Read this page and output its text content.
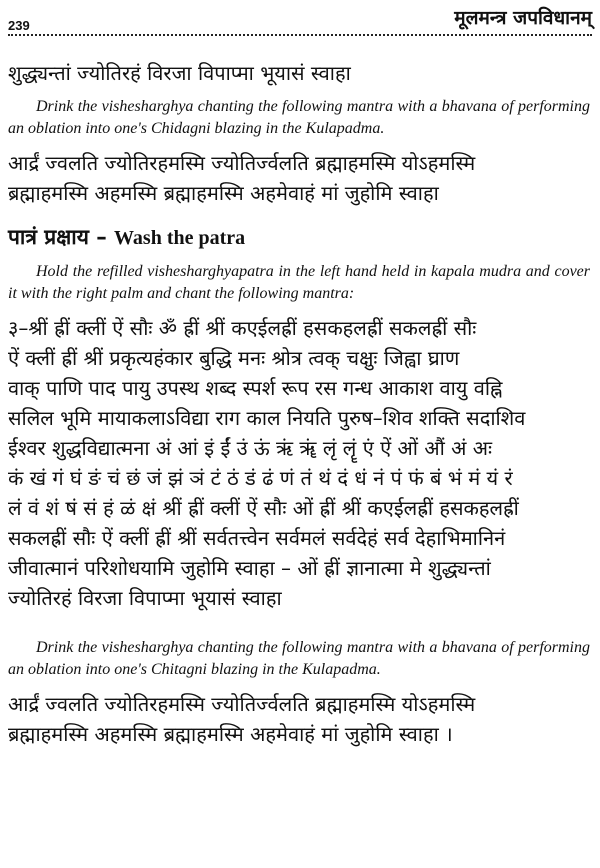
239	मूलमन्त्र जपविधानम्

शुद्ध्यन्तां ज्योतिरहं विरजा विपाप्मा भूयासं स्वाहा

Drink the vishesharghya chanting the following mantra with a bhavana of performing an oblation into one's Chidagni blazing in the Kulapadma.

आर्द्रं ज्वलति ज्योतिरहमस्मि ज्योतिर्ज्वलति ब्रह्माहमस्मि योऽहमस्मि

ब्रह्माहमस्मि अहमस्मि ब्रह्माहमस्मि अहमेवाहं मां जुहोमि स्वाहा

पात्रं प्रक्षाय – Wash the patra

Hold the refilled vishesharghyapatra in the left hand held in kapala mudra and cover it with the right palm and chant the following mantra:

३–श्रीं ह्रीं क्लीं ऐं सौः ॐ ह्रीं श्रीं कएईलह्रीं हसकहलह्रीं सकलह्रीं सौः

ऐं क्लीं ह्रीं श्रीं प्रकृत्यहंकार बुद्धि मनः श्रोत्र त्वक् चक्षुः जिह्वा घ्राण

वाक् पाणि पाद पायु उपस्थ शब्द स्पर्श रूप रस गन्ध आकाश वायु वह्नि

सलिल भूमि मायाकलाऽविद्या राग काल नियति पुरुष–शिव शक्ति सदाशिव

ईश्वर शुद्धविद्यात्मना अं आं इं ईं उं ऊं ऋं ॠं लृं लॄं एं ऐं ओं औं अं अः

कं खं गं घं ङं चं छं जं झं ञं टं ठं डं ढं णं तं थं दं धं नं पं फं बं भं मं यं रं

लं वं शं षं सं हं ळं क्षं श्रीं ह्रीं क्लीं ऐं सौः ओं ह्रीं श्रीं कएईलह्रीं हसकहलह्रीं

सकलह्रीं सौः ऐं क्लीं ह्रीं श्रीं सर्वतत्त्वेन सर्वमलं सर्वदेहं सर्व देहाभिमानिनं

जीवात्मानं परिशोधयामि जुहोमि स्वाहा – ओं ह्रीं ज्ञानात्मा मे शुद्ध्यन्तां

ज्योतिरहं विरजा विपाप्मा भूयासं स्वाहा

Drink the vishesharghya chanting the following mantra with a bhavana of performing an oblation into one's Chitagni blazing in the Kulapadma.

आर्द्रं ज्वलति ज्योतिरहमस्मि ज्योतिर्ज्वलति ब्रह्माहमस्मि योऽहमस्मि

ब्रह्माहमस्मि अहमस्मि ब्रह्माहमस्मि अहमेवाहं मां जुहोमि स्वाहा ।
